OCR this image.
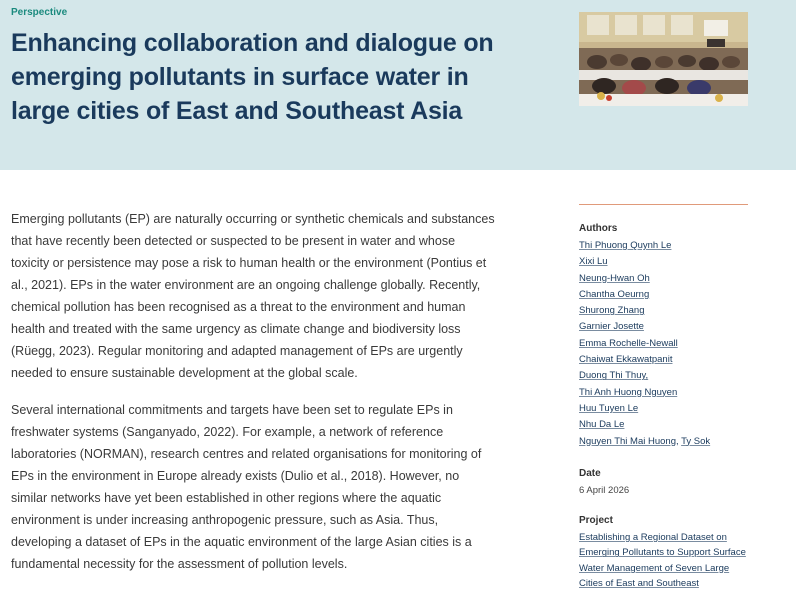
Perspective
Enhancing collaboration and dialogue on emerging pollutants in surface water in large cities of East and Southeast Asia

Emerging pollutants (EP) are naturally occurring or synthetic chemicals and substances that have recently been detected or suspected to be present in water and whose toxicity or persistence may pose a risk to human health or the environment (Pontius et al., 2021). EPs in the water environment are an ongoing challenge globally. Recently, chemical pollution has been recognised as a threat to the environment and human health and treated with the same urgency as climate change and biodiversity loss (Rüegg, 2023). Regular monitoring and adapted management of EPs are urgently needed to ensure sustainable development at the global scale.

Several international commitments and targets have been set to regulate EPs in freshwater systems (Sanganyado, 2022). For example, a network of reference laboratories (NORMAN), research centres and related organisations for monitoring of EPs in the environment in Europe already exists (Dulio et al., 2018). However, no similar networks have yet been established in other regions where the aquatic environment is under increasing anthropogenic pressure, such as Asia. Thus, developing a dataset of EPs in the aquatic environment of the large Asian cities is a fundamental necessity for the assessment of pollution levels.

Authors
Thi Phuong Quynh Le
Xixi Lu
Neung-Hwan Oh
Chantha Oeurng
Shurong Zhang
Garnier Josette
Emma Rochelle-Newall
Chaiwat Ekkawatpanit
Duong Thi Thuy,
Thi Anh Huong Nguyen
Huu Tuyen Le
Nhu Da Le
Nguyen Thi Mai Huong, Ty Sok
Date
6 April 2026
Project
Establishing a Regional Dataset on Emerging Pollutants to Support Surface Water Management of Seven Large Cities of East and Southeast
